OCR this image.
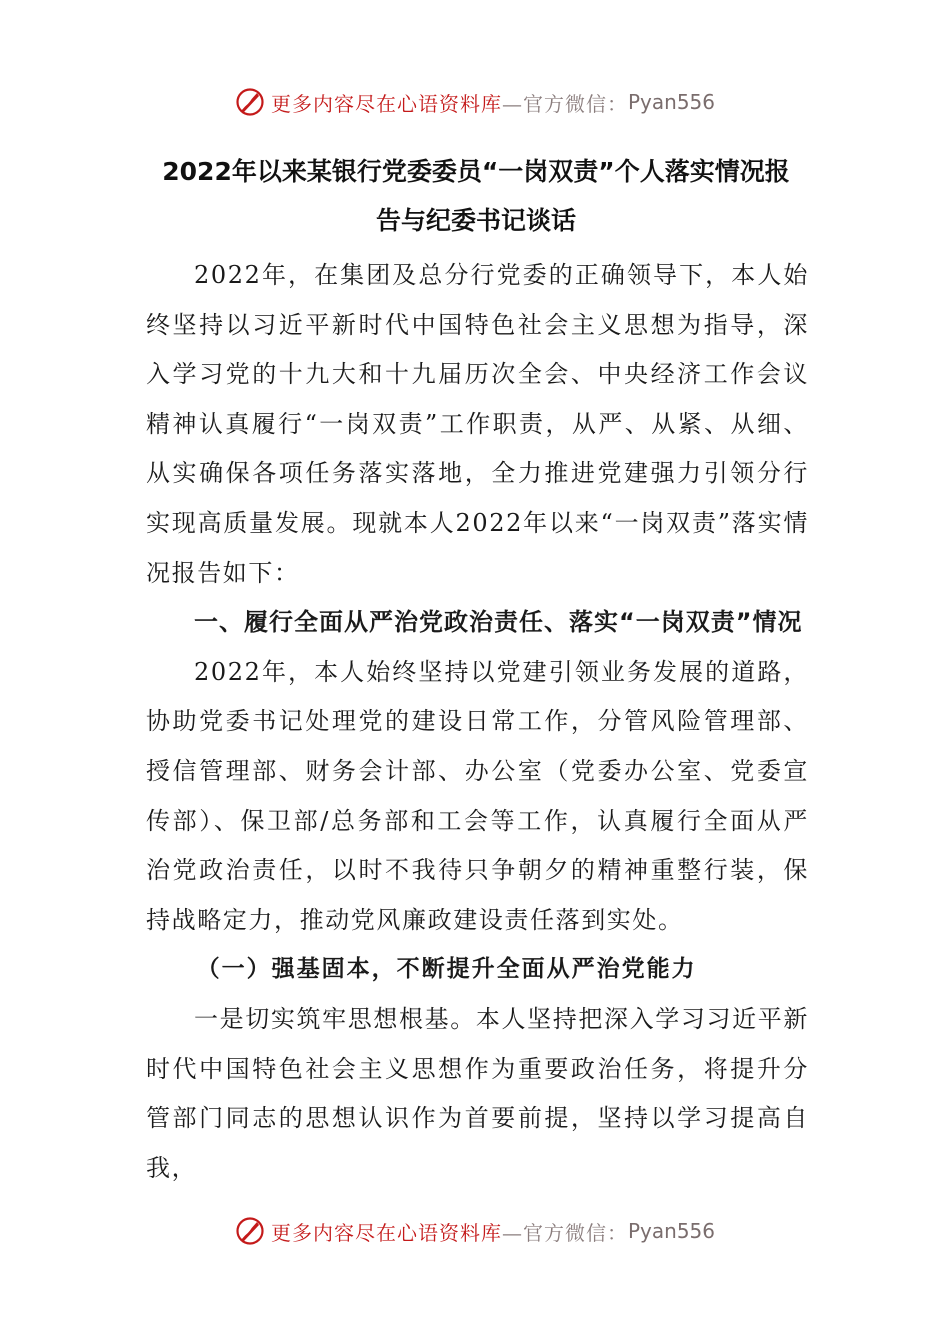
更多内容尽在心语资料库 —官方微信： Pyan556
2022年以来某银行党委委员“一岗双责”个人落实情况报
告与纪委书记谈话

2022年，在集团及总分行党委的正确领导下，本人始终坚持以习近平新时代中国特色社会主义思想为指导，深入学习党的十九大和十九届历次全会、中央经济工作会议精神认真履行“一岗双责”工作职责，从严、从紧、从细、从实确保各项任务落实落地，全力推进党建强力引领分行实现高质量发展。现就本人2022年以来“一岗双责”落实情况报告如下：

一、履行全面从严治党政治责任、落实“一岗双责”情况

2022年，本人始终坚持以党建引领业务发展的道路，协助党委书记处理党的建设日常工作，分管风险管理部、授信管理部、财务会计部、办公室（党委办公室、党委宣传部）、保卫部/总务部和工会等工作，认真履行全面从严治党政治责任，以时不我待只争朝夕的精神重整行装，保持战略定力，推动党风廉政建设责任落到实处。

（一）强基固本，不断提升全面从严治党能力

一是切实筑牢思想根基。本人坚持把深入学习习近平新时代中国特色社会主义思想作为重要政治任务，将提升分管部门同志的思想认识作为首要前提，坚持以学习提高自我，

更多内容尽在心语资料库 —官方微信： Pyan556
